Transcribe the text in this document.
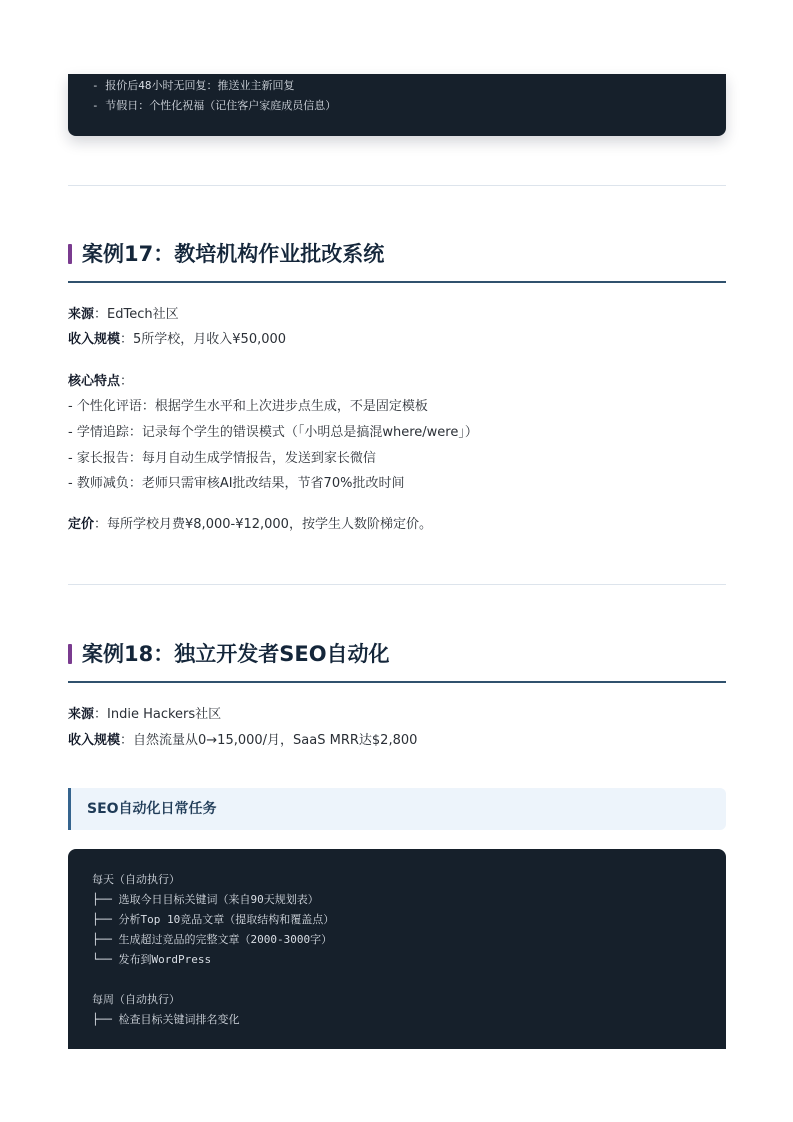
- 报价后48小时无回复：推送业主新回复
- 节假日：个性化祝福（记住客户家庭成员信息）
案例17：教培机构作业批改系统
来源：EdTech社区
收入规模：5所学校，月收入¥50,000
核心特点：
- 个性化评语：根据学生水平和上次进步点生成，不是固定模板
- 学情追踪：记录每个学生的错误模式（「小明总是搞混where/were」）
- 家长报告：每月自动生成学情报告，发送到家长微信
- 教师减负：老师只需审核AI批改结果，节省70%批改时间
定价：每所学校月费¥8,000-¥12,000，按学生人数阶梯定价。
案例18：独立开发者SEO自动化
来源：Indie Hackers社区
收入规模：自然流量从0→15,000/月，SaaS MRR达$2,800
SEO自动化日常任务
每天（自动执行）
├── 选取今日目标关键词（来自90天规划表）
├── 分析Top 10竞品文章（提取结构和覆盖点）
├── 生成超过竞品的完整文章（2000-3000字）
└── 发布到WordPress

每周（自动执行）
├── 检查目标关键词排名变化
